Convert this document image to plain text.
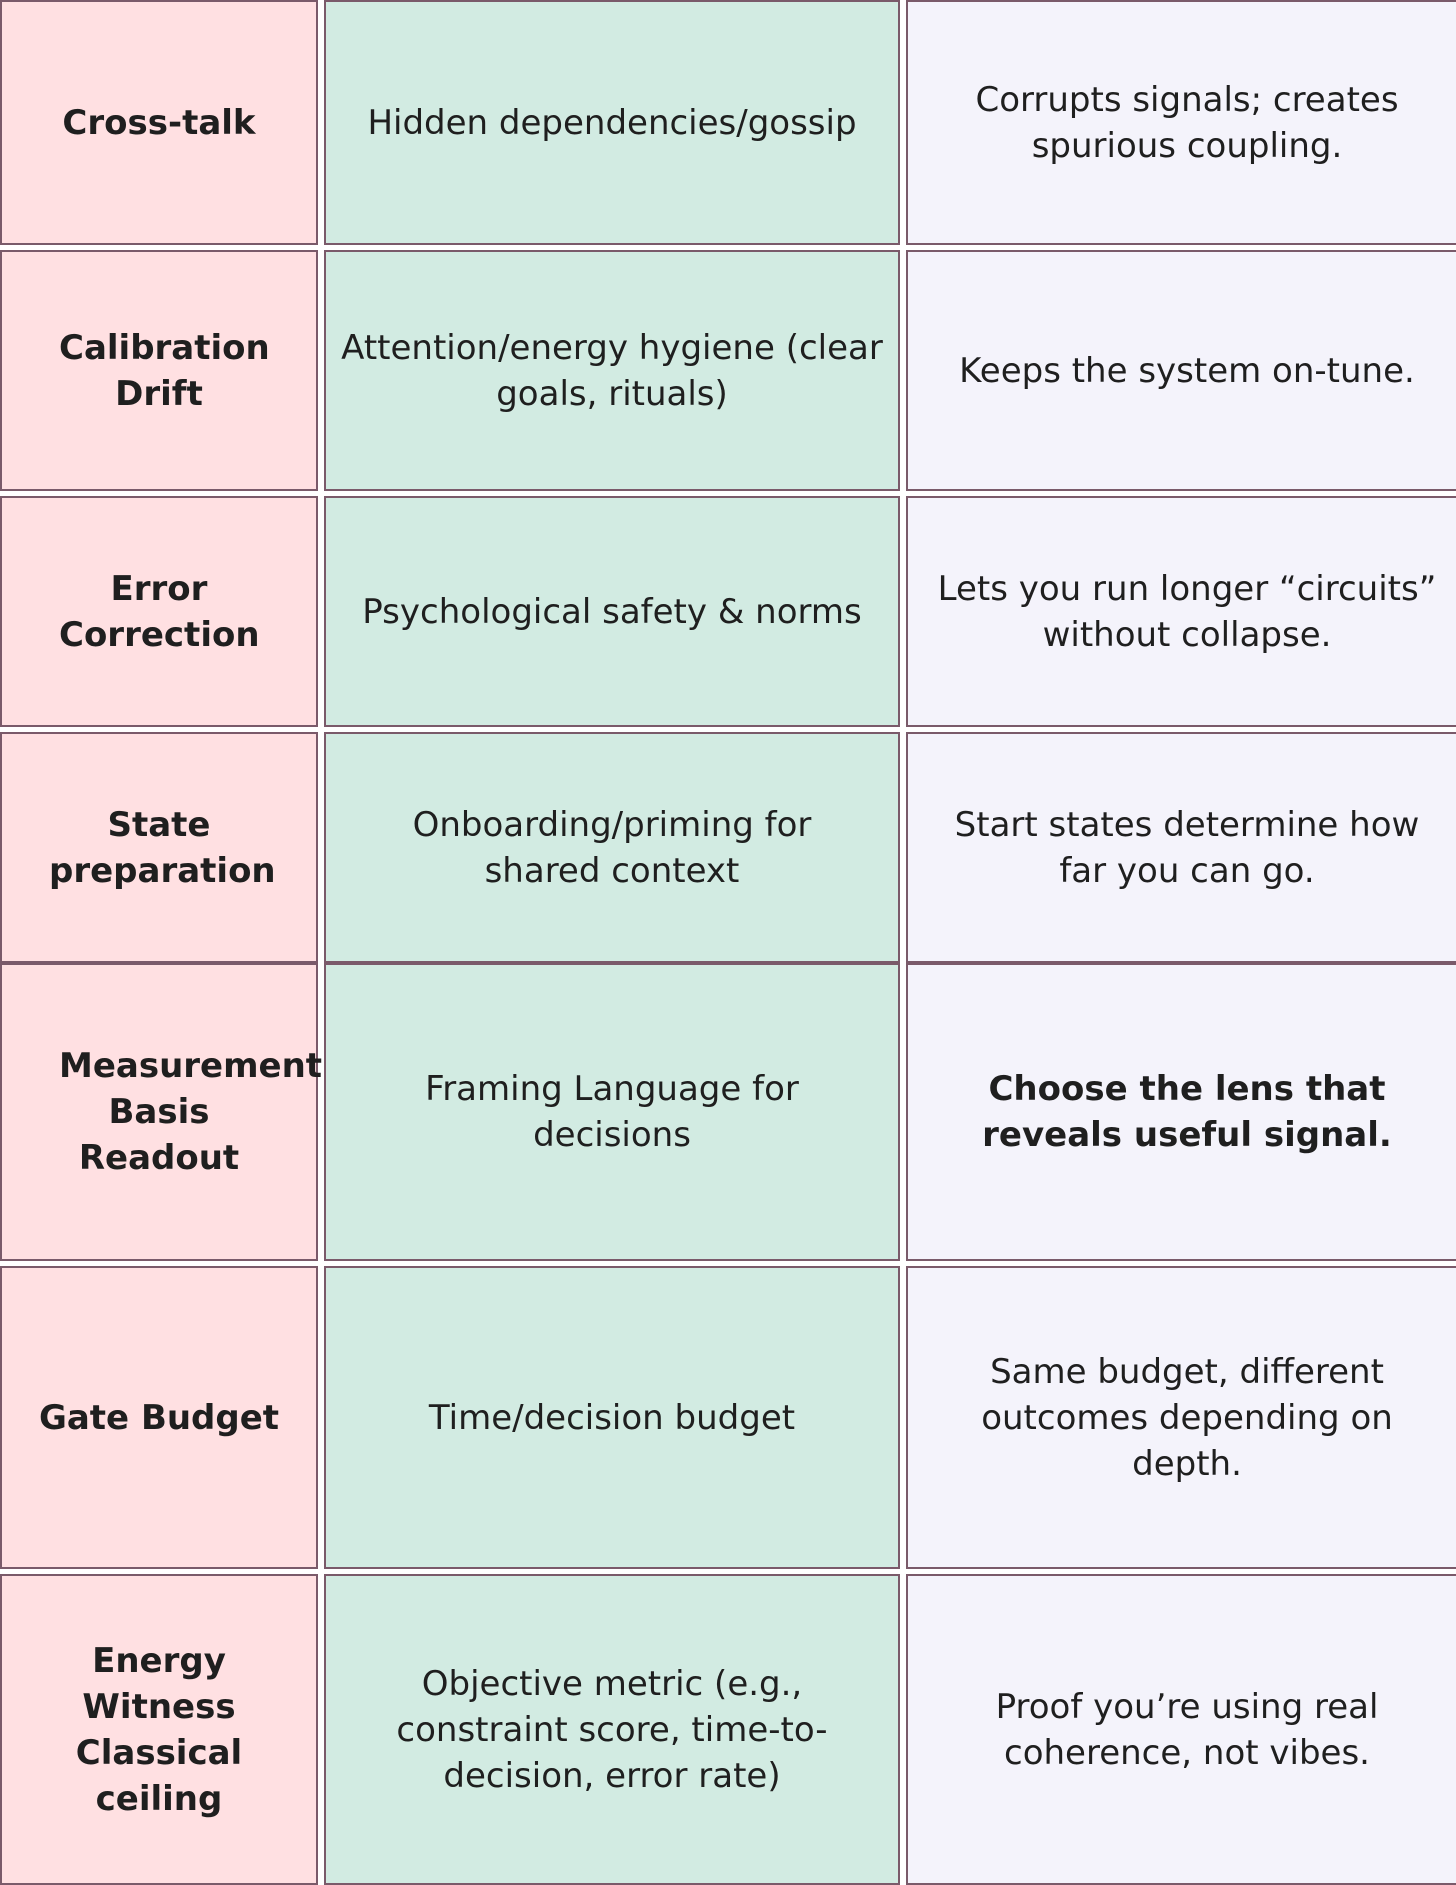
Cross-talk	Hidden dependencies/gossip
Corrupts signals; creates spurious coupling.
Calibration Drift
Attention/energy hygiene (clear goals, rituals)
Keeps the system on-tune.
Error Correction
Psychological safety & norms
Lets you run longer “circuits” without collapse.
State preparation
Onboarding/priming for shared context
Start states determine how far you can go.
Measurement Basis Readout
Framing Language for decisions
Choose the lens that reveals useful signal.
Gate Budget	Time/decision budget
Same budget, different outcomes depending on depth.
Energy Witness Classical ceiling
Objective metric (e.g., constraint score, time-to-decision, error rate)
Proof you’re using real coherence, not vibes.
